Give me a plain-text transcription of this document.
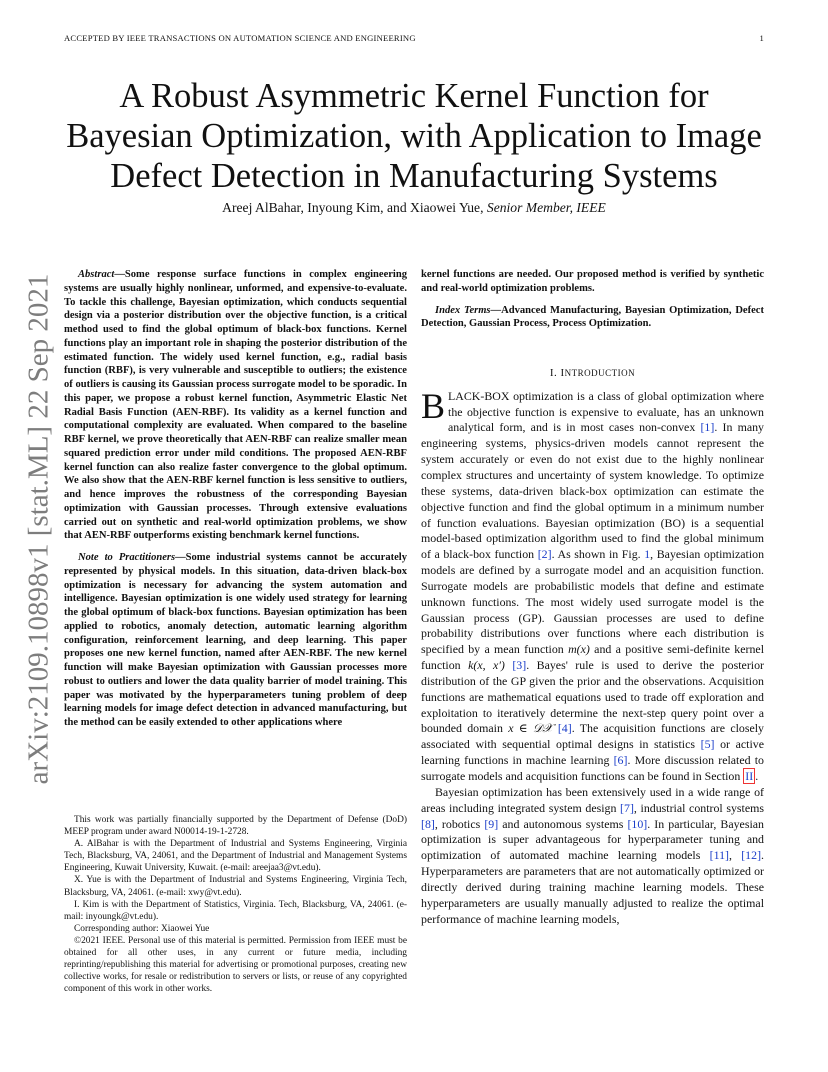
ACCEPTED BY IEEE TRANSACTIONS ON AUTOMATION SCIENCE AND ENGINEERING	1
arXiv:2109.10898v1 [stat.ML] 22 Sep 2021
A Robust Asymmetric Kernel Function for
Bayesian Optimization, with Application to Image
Defect Detection in Manufacturing Systems
Areej AlBahar, Inyoung Kim, and Xiaowei Yue, Senior Member, IEEE

Abstract—Some response surface functions in complex engineering systems are usually highly nonlinear, unformed, and expensive-to-evaluate. To tackle this challenge, Bayesian optimization, which conducts sequential design via a posterior distribution over the objective function, is a critical method used to find the global optimum of black-box functions. Kernel functions play an important role in shaping the posterior distribution of the estimated function. The widely used kernel function, e.g., radial basis function (RBF), is very vulnerable and susceptible to outliers; the existence of outliers is causing its Gaussian process surrogate model to be sporadic. In this paper, we propose a robust kernel function, Asymmetric Elastic Net Radial Basis Function (AEN-RBF). Its validity as a kernel function and computational complexity are evaluated. When compared to the baseline RBF kernel, we prove theoretically that AEN-RBF can realize smaller mean squared prediction error under mild conditions. The proposed AEN-RBF kernel function can also realize faster convergence to the global optimum. We also show that the AEN-RBF kernel function is less sensitive to outliers, and hence improves the robustness of the corresponding Bayesian optimization with Gaussian processes. Through extensive evaluations carried out on synthetic and real-world optimization problems, we show that AEN-RBF outperforms existing benchmark kernel functions.

Note to Practitioners—Some industrial systems cannot be accurately represented by physical models. In this situation, data-driven black-box optimization is necessary for advancing the system automation and intelligence. Bayesian optimization is one widely used strategy for learning the global optimum of black-box functions. Bayesian optimization has been applied to robotics, anomaly detection, automatic learning algorithm configuration, reinforcement learning, and deep learning. This paper proposes one new kernel function, named after AEN-RBF. The new kernel function will make Bayesian optimization with Gaussian processes more robust to outliers and lower the data quality barrier of model training. This paper was motivated by the hyperparameters tuning problem of deep learning models for image defect detection in advanced manufacturing, but the method can be easily extended to other applications where

This work was partially financially supported by the Department of Defense (DoD) MEEP program under award N00014-19-1-2728.

A. AlBahar is with the Department of Industrial and Systems Engineering, Virginia Tech, Blacksburg, VA, 24061, and the Department of Industrial and Management Systems Engineering, Kuwait University, Kuwait. (e-mail: areejaa3@vt.edu).

X. Yue is with the Department of Industrial and Systems Engineering, Virginia Tech, Blacksburg, VA, 24061. (e-mail: xwy@vt.edu).

I. Kim is with the Department of Statistics, Virginia. Tech, Blacksburg, VA, 24061. (e-mail: inyoungk@vt.edu).

Corresponding author: Xiaowei Yue

©2021 IEEE. Personal use of this material is permitted. Permission from IEEE must be obtained for all other uses, in any current or future media, including reprinting/republishing this material for advertising or promotional purposes, creating new collective works, for resale or redistribution to servers or lists, or reuse of any copyrighted component of this work in other works.

kernel functions are needed. Our proposed method is verified by synthetic and real-world optimization problems.

Index Terms—Advanced Manufacturing, Bayesian Optimization, Defect Detection, Gaussian Process, Process Optimization.

I. INTRODUCTION

BLACK-BOX optimization is a class of global optimization where the objective function is expensive to evaluate, has an unknown analytical form, and is in most cases non-convex [1]. In many engineering systems, physics-driven models cannot represent the system accurately or even do not exist due to the highly nonlinear complex structures and uncertainty of system knowledge. To optimize these systems, data-driven black-box optimization can estimate the objective function and find the global optimum in a minimum number of function evaluations. Bayesian optimization (BO) is a sequential model-based optimization algorithm used to find the global minimum of a black-box function [2]. As shown in Fig. 1, Bayesian optimization models are defined by a surrogate model and an acquisition function. Surrogate models are probabilistic models that define and estimate unknown functions. The most widely used surrogate model is the Gaussian process (GP). Gaussian processes are used to define probability distributions over functions where each distribution is specified by a mean function m(x) and a positive semi-definite kernel function k(x, x′) [3]. Bayes' rule is used to derive the posterior distribution of the GP given the prior and the observations. Acquisition functions are mathematical equations used to trade off exploration and exploitation to iteratively determine the next-step query point over a bounded domain x ∈ 𝒟𝒳 [4]. The acquisition functions are closely associated with sequential optimal designs in statistics [5] or active learning functions in machine learning [6]. More discussion related to surrogate models and acquisition functions can be found in Section II .

Bayesian optimization has been extensively used in a wide range of areas including integrated system design [7], industrial control systems [8], robotics [9] and autonomous systems [10]. In particular, Bayesian optimization is super advantageous for hyperparameter tuning and optimization of automated machine learning models [11], [12]. Hyperparameters are parameters that are not automatically optimized or directly derived during training machine learning models. These hyperparameters are usually manually adjusted to realize the optimal performance of machine learning models,
